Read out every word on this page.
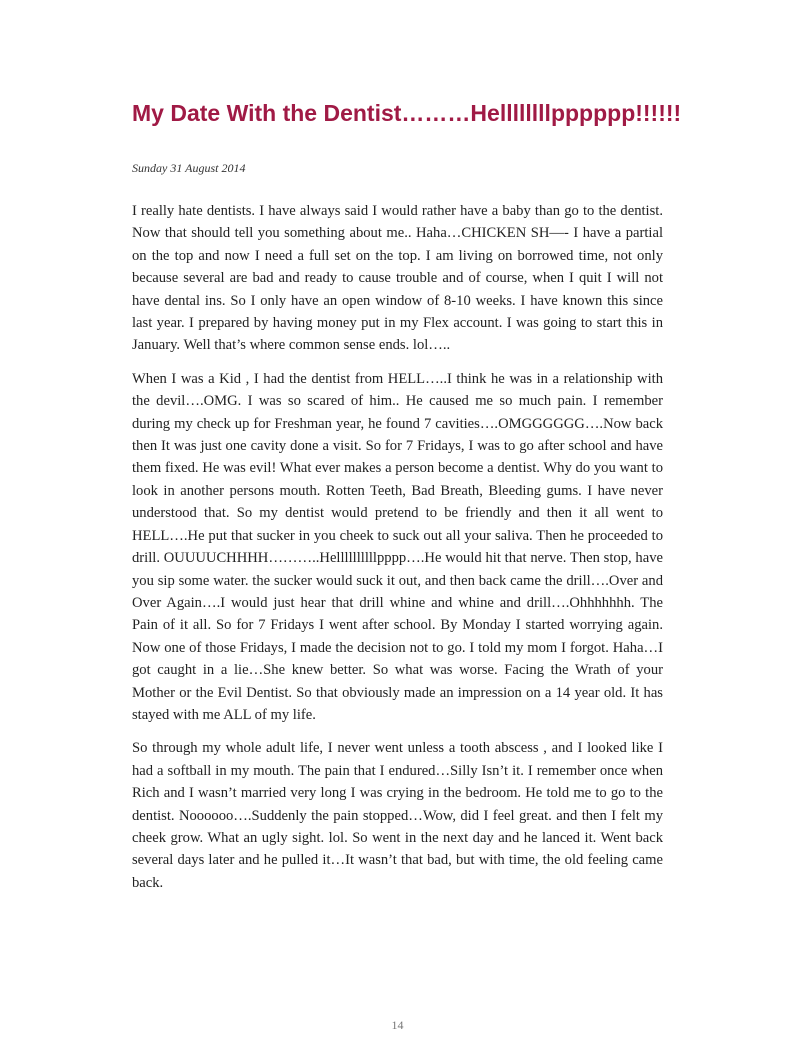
My Date With the Dentist………Hellllllllpppppp!!!!!!
Sunday 31 August 2014

I really hate dentists. I have always said I would rather have a baby than go to the dentist. Now that should tell you something about me.. Haha…CHICKEN SH—- I have a partial on the top and now I need a full set on the top. I am living on borrowed time, not only because several are bad and ready to cause trouble and of course, when I quit I will not have dental ins. So I only have an open window of 8-10 weeks. I have known this since last year. I prepared by having money put in my Flex account. I was going to start this in January. Well that’s where common sense ends. lol…..

When I was a Kid , I had the dentist from HELL…..I think he was in a relationship with the devil….OMG. I was so scared of him.. He caused me so much pain. I remember during my check up for Freshman year, he found 7 cavities….OMGGGGGG….Now back then It was just one cavity done a visit. So for 7 Fridays, I was to go after school and have them fixed. He was evil! What ever makes a person become a dentist. Why do you want to look in another persons mouth. Rotten Teeth, Bad Breath, Bleeding gums. I have never understood that. So my dentist would pretend to be friendly and then it all went to HELL….He put that sucker in you cheek to suck out all your saliva. Then he proceeded to drill. OUUUUCHHHH………..Hellllllllllpppp….He would hit that nerve. Then stop, have you sip some water. the sucker would suck it out, and then back came the drill….Over and Over Again….I would just hear that drill whine and whine and drill….Ohhhhhhh. The Pain of it all. So for 7 Fridays I went after school. By Monday I started worrying again. Now one of those Fridays, I made the decision not to go. I told my mom I forgot. Haha…I got caught in a lie…She knew better. So what was worse. Facing the Wrath of your Mother or the Evil Dentist. So that obviously made an impression on a 14 year old. It has stayed with me ALL of my life.

So through my whole adult life, I never went unless a tooth abscess , and I looked like I had a softball in my mouth. The pain that I endured…Silly Isn’t it. I remember once when Rich and I wasn’t married very long I was crying in the bedroom. He told me to go to the dentist. Noooooo….Suddenly the pain stopped…Wow, did I feel great. and then I felt my cheek grow. What an ugly sight. lol. So went in the next day and he lanced it. Went back several days later and he pulled it…It wasn’t that bad, but with time, the old feeling came back.

14
